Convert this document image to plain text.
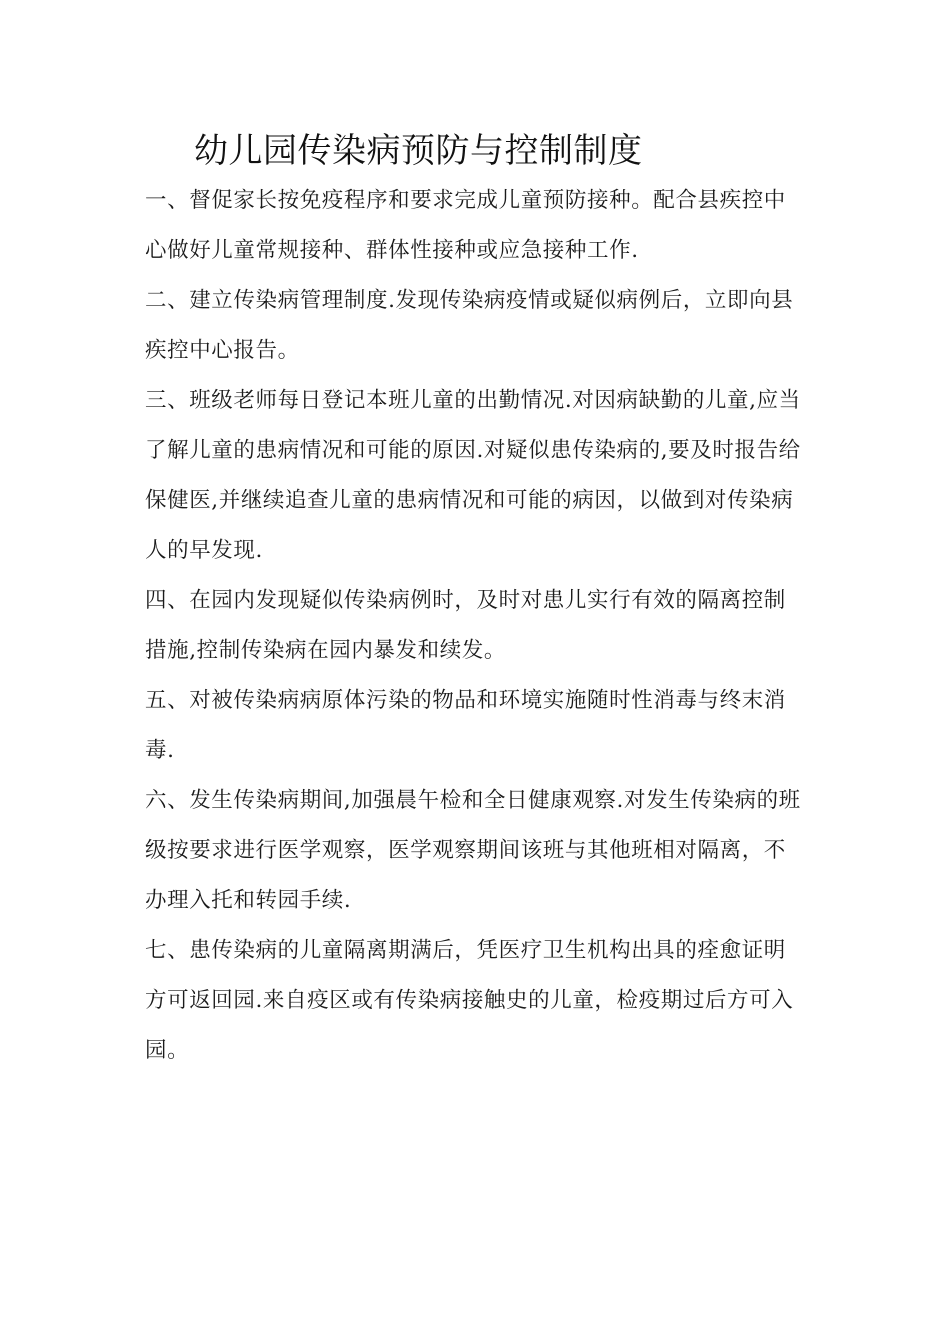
幼儿园传染病预防与控制制度

一、督促家长按免疫程序和要求完成儿童预防接种。配合县疾控中
心做好儿童常规接种、群体性接种或应急接种工作.

二、建立传染病管理制度.发现传染病疫情或疑似病例后，立即向县
疾控中心报告。

三、班级老师每日登记本班儿童的出勤情况.对因病缺勤的儿童,应当
了解儿童的患病情况和可能的原因.对疑似患传染病的,要及时报告给
保健医,并继续追查儿童的患病情况和可能的病因，以做到对传染病
人的早发现.

四、在园内发现疑似传染病例时，及时对患儿实行有效的隔离控制
措施,控制传染病在园内暴发和续发。

五、对被传染病病原体污染的物品和环境实施随时性消毒与终末消
毒.

六、发生传染病期间,加强晨午检和全日健康观察.对发生传染病的班
级按要求进行医学观察，医学观察期间该班与其他班相对隔离，不
办理入托和转园手续.

七、患传染病的儿童隔离期满后，凭医疗卫生机构出具的痊愈证明
方可返回园.来自疫区或有传染病接触史的儿童，检疫期过后方可入
园。
